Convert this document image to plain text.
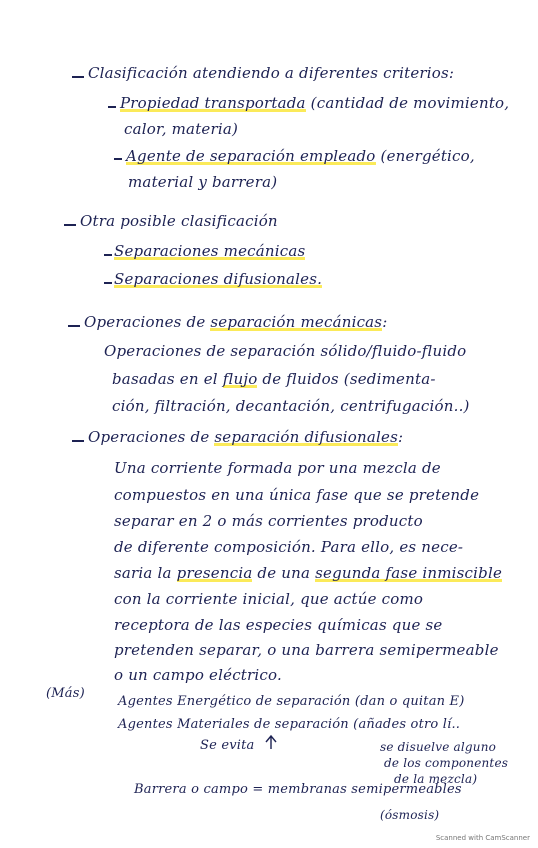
Clasificación atendiendo a diferentes criterios:
Propiedad transportada (cantidad de movimiento,
calor, materia)
Agente de separación empleado (energético,
material y barrera)
Otra posible clasificación
Separaciones mecánicas
Separaciones difusionales.
Operaciones de separación mecánicas:
Operaciones de separación sólido/fluido-fluido
basadas en el flujo de fluidos (sedimenta-
ción, filtración, decantación, centrifugación..)
Operaciones de separación difusionales:
Una corriente formada por una mezcla de
compuestos en una única fase que se pretende
separar en 2 o más corrientes producto
de diferente composición. Para ello, es nece-
saria la presencia de una segunda fase inmiscible
con la corriente inicial, que actúe como
receptora de las especies químicas que se
pretenden separar, o una barrera semipermeable
o un campo eléctrico.
(Más)
Agentes Energético de separación (dan o quitan E)
Agentes Materiales de separación (añades otro lí..
Se evita	se disuelve alguno
de los componentes
de la mezcla)
Barrera o campo = membranas semipermeables
(ósmosis)
Scanned with CamScanner
